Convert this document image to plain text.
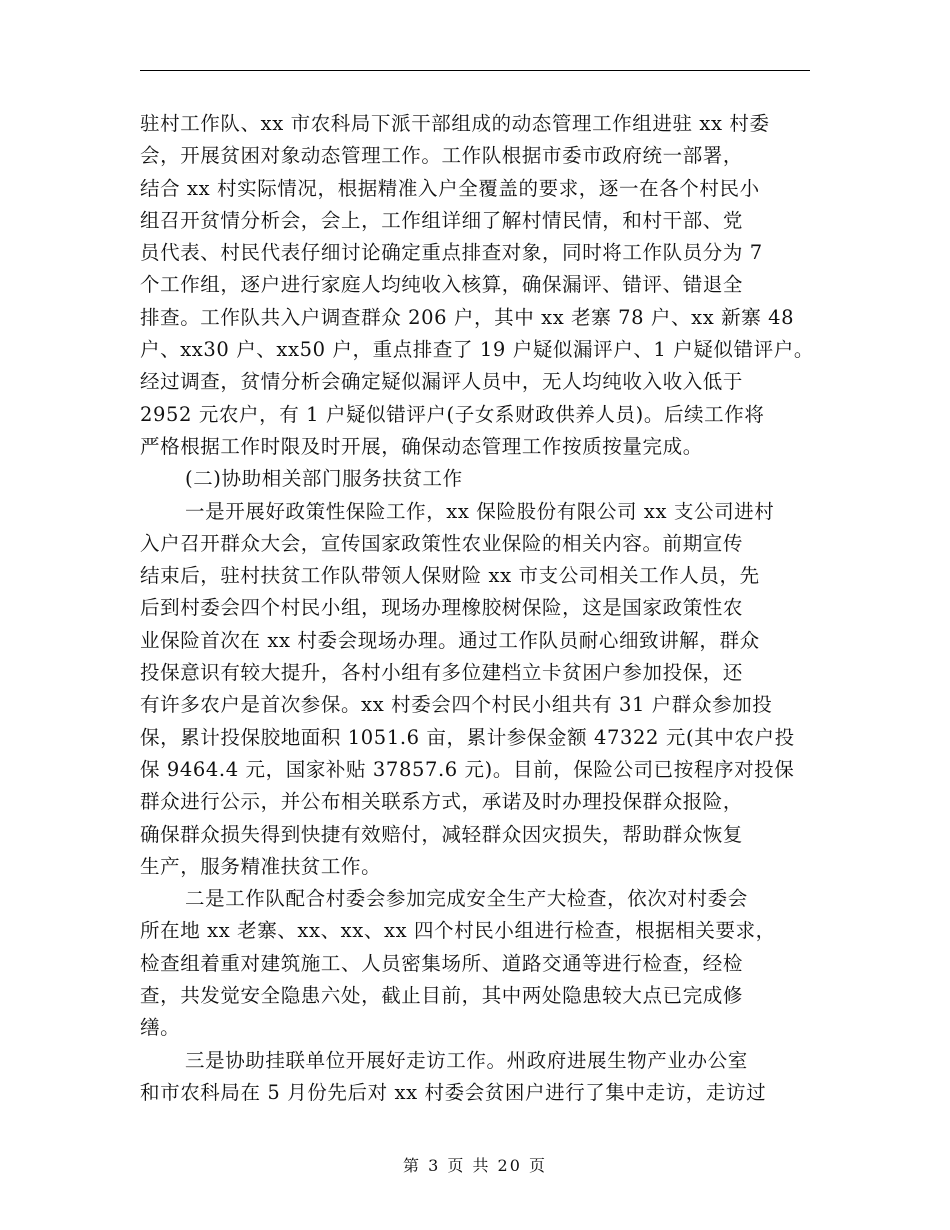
驻村工作队、xx 市农科局下派干部组成的动态管理工作组进驻 xx 村委
会，开展贫困对象动态管理工作。工作队根据市委市政府统一部署，
结合 xx 村实际情况，根据精准入户全覆盖的要求，逐一在各个村民小
组召开贫情分析会，会上，工作组详细了解村情民情，和村干部、党
员代表、村民代表仔细讨论确定重点排查对象，同时将工作队员分为 7
个工作组，逐户进行家庭人均纯收入核算，确保漏评、错评、错退全
排查。工作队共入户调查群众 206 户，其中 xx 老寨 78 户、xx 新寨 48
户、xx30 户、xx50 户，重点排查了 19 户疑似漏评户、1 户疑似错评户。
经过调查，贫情分析会确定疑似漏评人员中，无人均纯收入收入低于
2952 元农户，有 1 户疑似错评户(子女系财政供养人员)。后续工作将
严格根据工作时限及时开展，确保动态管理工作按质按量完成。
(二)协助相关部门服务扶贫工作
一是开展好政策性保险工作，xx 保险股份有限公司 xx 支公司进村
入户召开群众大会，宣传国家政策性农业保险的相关内容。前期宣传
结束后，驻村扶贫工作队带领人保财险 xx 市支公司相关工作人员，先
后到村委会四个村民小组，现场办理橡胶树保险，这是国家政策性农
业保险首次在 xx 村委会现场办理。通过工作队员耐心细致讲解，群众
投保意识有较大提升，各村小组有多位建档立卡贫困户参加投保，还
有许多农户是首次参保。xx 村委会四个村民小组共有 31 户群众参加投
保，累计投保胶地面积 1051.6 亩，累计参保金额 47322 元(其中农户投
保 9464.4 元，国家补贴 37857.6 元)。目前，保险公司已按程序对投保
群众进行公示，并公布相关联系方式，承诺及时办理投保群众报险，
确保群众损失得到快捷有效赔付，减轻群众因灾损失，帮助群众恢复
生产，服务精准扶贫工作。
二是工作队配合村委会参加完成安全生产大检查，依次对村委会
所在地 xx 老寨、xx、xx、xx 四个村民小组进行检查，根据相关要求，
检查组着重对建筑施工、人员密集场所、道路交通等进行检查，经检
查，共发觉安全隐患六处，截止目前，其中两处隐患较大点已完成修
缮。
三是协助挂联单位开展好走访工作。州政府进展生物产业办公室
和市农科局在 5 月份先后对 xx 村委会贫困户进行了集中走访，走访过
第 3 页 共 20 页
